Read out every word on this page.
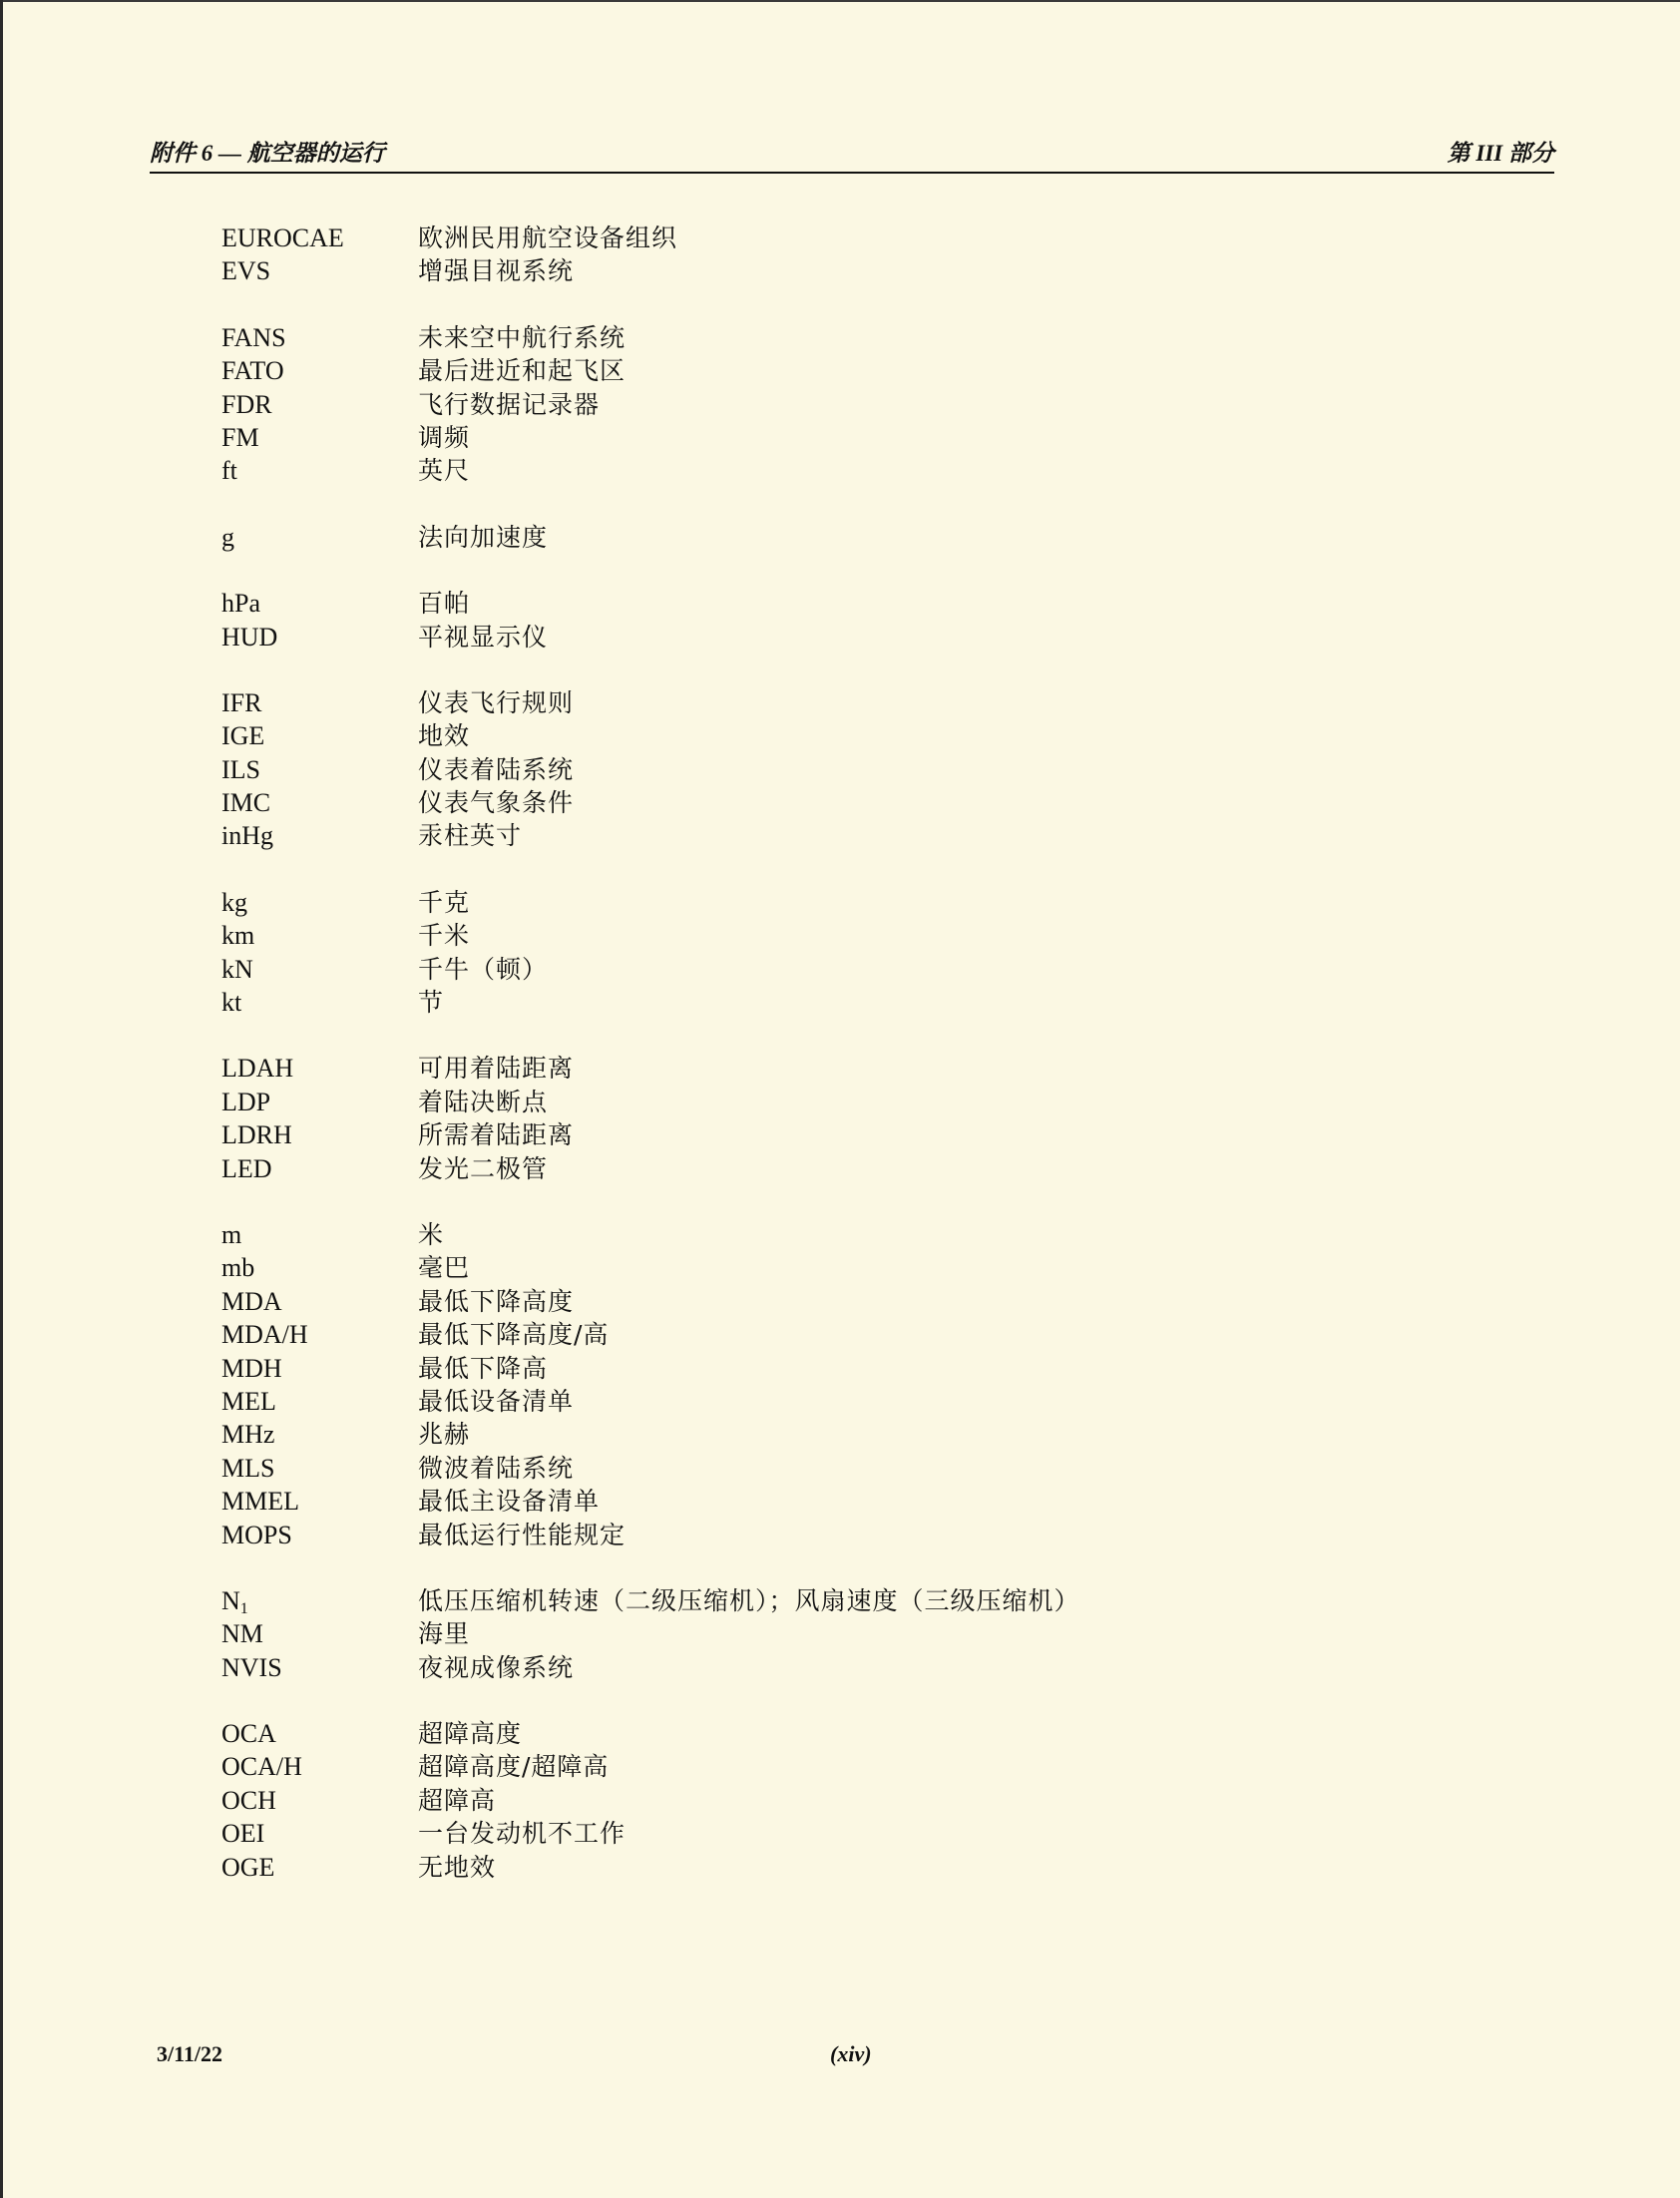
附件 6 — 航空器的运行	第 III 部分
EUROCAE	欧洲民用航空设备组织
EVS	增强目视系统
FANS	未来空中航行系统
FATO	最后进近和起飞区
FDR	飞行数据记录器
FM	调频
ft	英尺
g	法向加速度
hPa	百帕
HUD	平视显示仪
IFR	仪表飞行规则
IGE	地效
ILS	仪表着陆系统
IMC	仪表气象条件
inHg	汞柱英寸
kg	千克
km	千米
kN	千牛（顿）
kt	节
LDAH	可用着陆距离
LDP	着陆决断点
LDRH	所需着陆距离
LED	发光二极管
m	米
mb	毫巴
MDA	最低下降高度
MDA/H	最低下降高度/高
MDH	最低下降高
MEL	最低设备清单
MHz	兆赫
MLS	微波着陆系统
MMEL	最低主设备清单
MOPS	最低运行性能规定
$N_1$	低压压缩机转速（二级压缩机）；风扇速度（三级压缩机）
NM	海里
NVIS	夜视成像系统
OCA	超障高度
OCA/H	超障高度/超障高
OCH	超障高
OEI	一台发动机不工作
OGE	无地效
3/11/22	(xiv)
